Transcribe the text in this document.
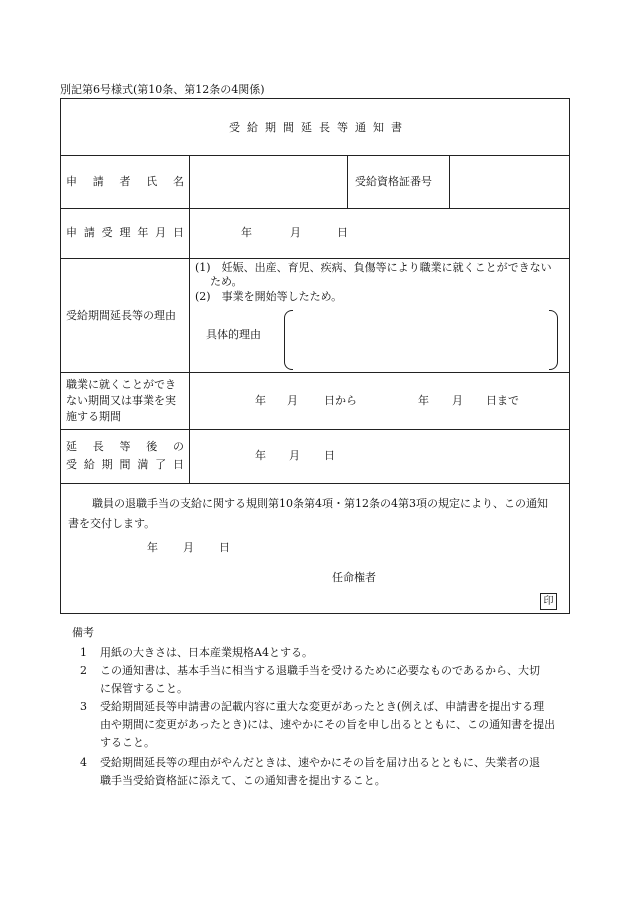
別記第6号様式(第10条、第12条の4関係)
受給期間延長等通知書
申 請 者 氏 名	受給資格証番号
申 請 受 理 年 月 日	年	月	日
受給期間延長等の理由
(1)　妊娠、出産、育児、疾病、負傷等により職業に就くことができない
ため。
(2)　事業を開始等したため。
具体的理由
職業に就くことができ
ない期間又は事業を実
施する期間
年 月 日から	年 月 日まで
延 長 等 後 の
受 給 期 間 満 了 日
年 月 日
職員の退職手当の支給に関する規則第10条第4項・第12条の4第3項の規定により、この通知
書を交付します。
年 月 日
任命権者
印
備考
1 用紙の大きさは、日本産業規格A4とする。
2 この通知書は、基本手当に相当する退職手当を受けるために必要なものであるから、大切
に保管すること。
3 受給期間延長等申請書の記載内容に重大な変更があったとき(例えば、申請書を提出する理
由や期間に変更があったとき)には、速やかにその旨を申し出るとともに、この通知書を提出
すること。
4 受給期間延長等の理由がやんだときは、速やかにその旨を届け出るとともに、失業者の退
職手当受給資格証に添えて、この通知書を提出すること。
